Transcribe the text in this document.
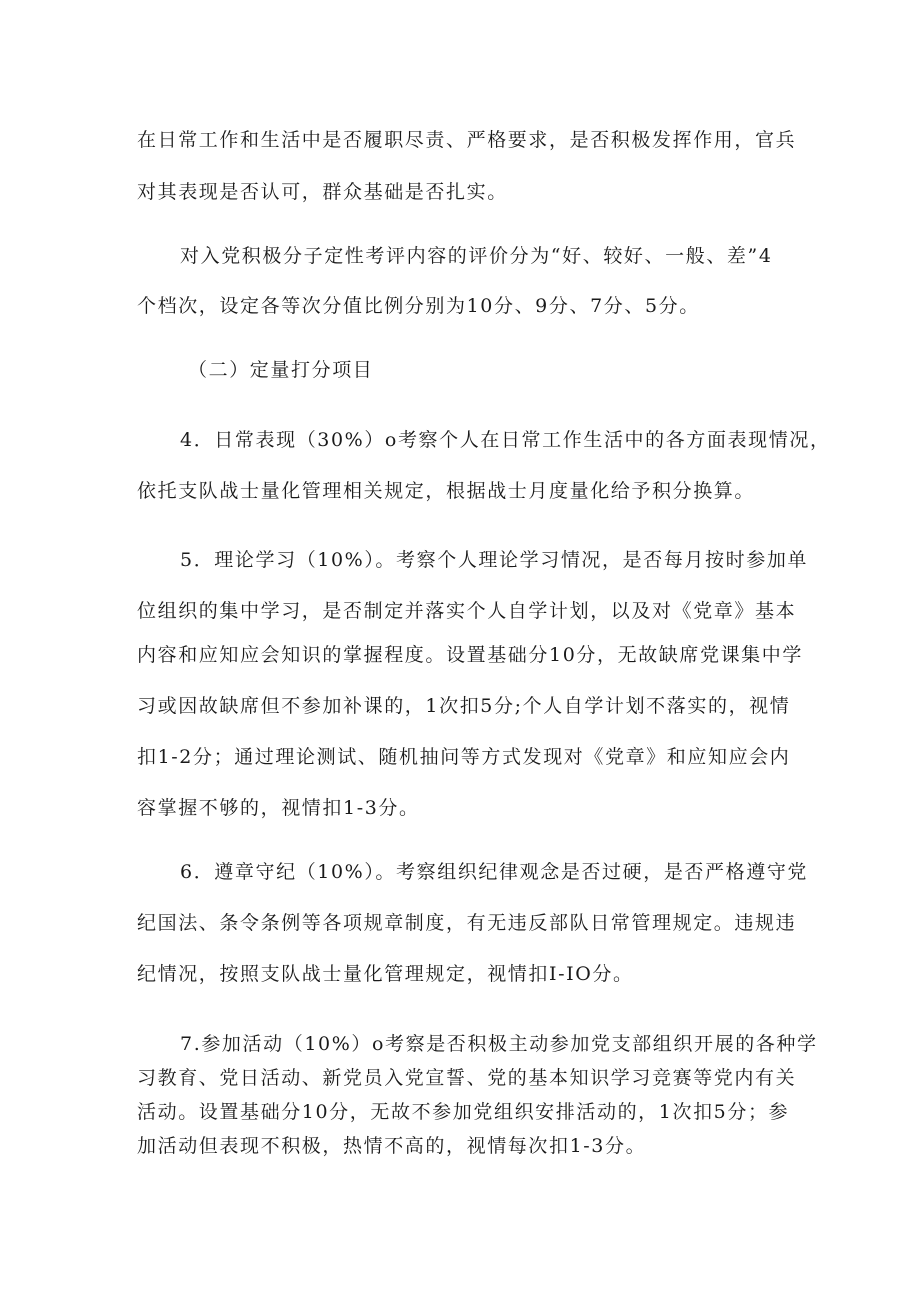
在日常工作和生活中是否履职尽责、严格要求，是否积极发挥作用，官兵
对其表现是否认可，群众基础是否扎实。
对入党积极分子定性考评内容的评价分为“好、较好、一般、差”4
个档次，设定各等次分值比例分别为10分、9分、7分、5分。
（二）定量打分项目
4．日常表现（30%）o考察个人在日常工作生活中的各方面表现情况，
依托支队战士量化管理相关规定，根据战士月度量化给予积分换算。
5．理论学习（10%）。考察个人理论学习情况，是否每月按时参加单
位组织的集中学习，是否制定并落实个人自学计划，以及对《党章》基本
内容和应知应会知识的掌握程度。设置基础分10分，无故缺席党课集中学
习或因故缺席但不参加补课的，1次扣5分;个人自学计划不落实的，视情
扣1-2分；通过理论测试、随机抽问等方式发现对《党章》和应知应会内
容掌握不够的，视情扣1-3分。
6．遵章守纪（10%）。考察组织纪律观念是否过硬，是否严格遵守党
纪国法、条令条例等各项规章制度，有无违反部队日常管理规定。违规违
纪情况，按照支队战士量化管理规定，视情扣I-IO分。
7.参加活动（10%）o考察是否积极主动参加党支部组织开展的各种学
习教育、党日活动、新党员入党宣誓、党的基本知识学习竞赛等党内有关
活动。设置基础分10分，无故不参加党组织安排活动的，1次扣5分；参
加活动但表现不积极，热情不高的，视情每次扣1-3分。
